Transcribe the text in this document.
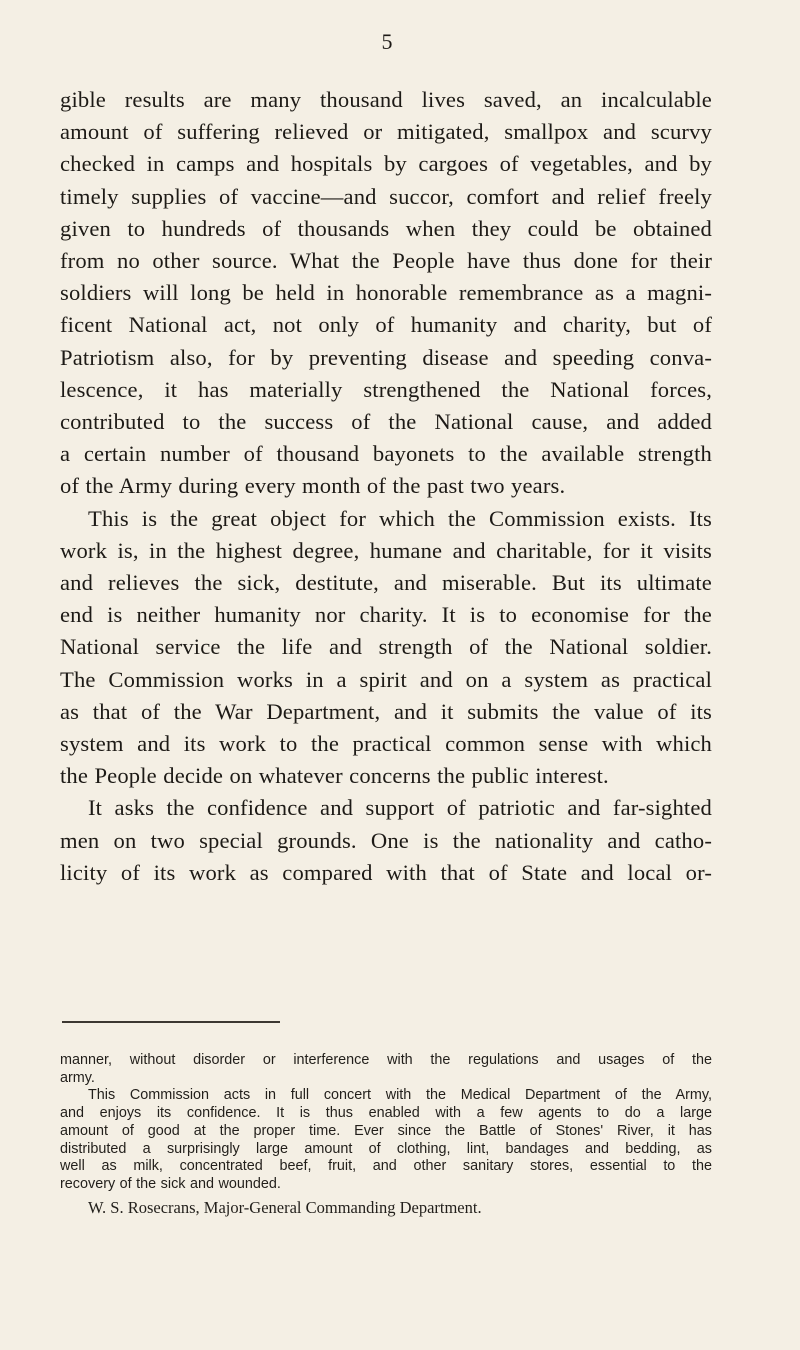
5
gible results are many thousand lives saved, an incalculable
amount of suffering relieved or mitigated, smallpox and scurvy
checked in camps and hospitals by cargoes of vegetables, and by
timely supplies of vaccine—and succor, comfort and relief freely
given to hundreds of thousands when they could be obtained
from no other source. What the People have thus done for their
soldiers will long be held in honorable remembrance as a magni-
ficent National act, not only of humanity and charity, but of
Patriotism also, for by preventing disease and speeding conva-
lescence, it has materially strengthened the National forces,
contributed to the success of the National cause, and added
a certain number of thousand bayonets to the available strength
of the Army during every month of the past two years.
This is the great object for which the Commission exists. Its
work is, in the highest degree, humane and charitable, for it visits
and relieves the sick, destitute, and miserable. But its ultimate
end is neither humanity nor charity. It is to economise for the
National service the life and strength of the National soldier.
The Commission works in a spirit and on a system as practical
as that of the War Department, and it submits the value of its
system and its work to the practical common sense with which
the People decide on whatever concerns the public interest.
It asks the confidence and support of patriotic and far-sighted
men on two special grounds. One is the nationality and catho-
licity of its work as compared with that of State and local or-
manner, without disorder or interference with the regulations and usages of the
army.
This Commission acts in full concert with the Medical Department of the Army,
and enjoys its confidence. It is thus enabled with a few agents to do a large
amount of good at the proper time. Ever since the Battle of Stones' River, it has
distributed a surprisingly large amount of clothing, lint, bandages and bedding, as
well as milk, concentrated beef, fruit, and other sanitary stores, essential to the
recovery of the sick and wounded.
W. S. Rosecrans, Major-General Commanding Department.
